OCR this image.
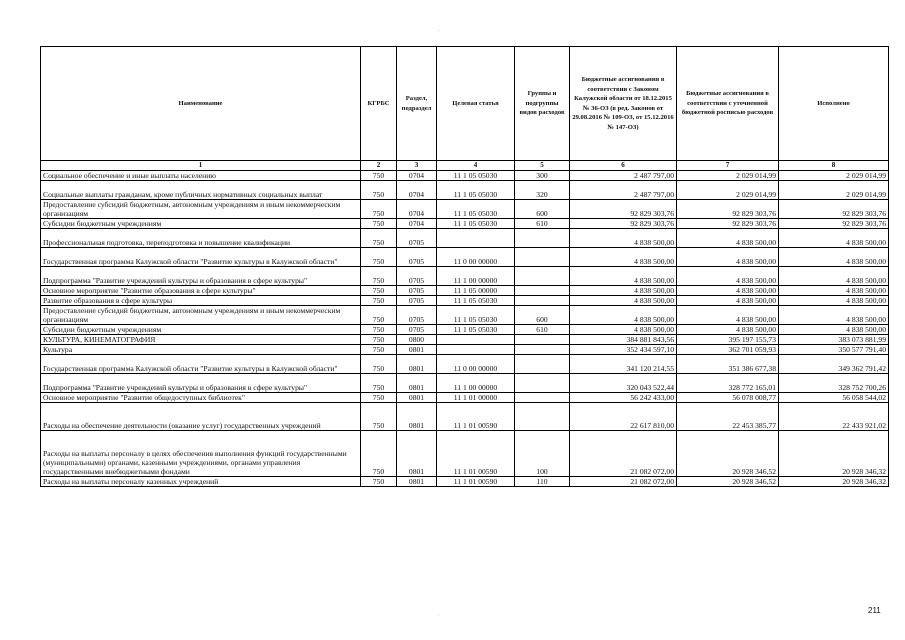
˙
ˌ
Наименование	КГРБС	Раздел, подраздел	Целевая статья	Группы и подгруппы видов расходов	Бюджетные ассигнования в соответствии с Законом Калужской области от 18.12.2015 № 36-ОЗ (в ред. Законов от 29.08.2016 № 109-ОЗ, от 15.12.2016 № 147-ОЗ)	Бюджетные ассигнования в соответствии с уточненной бюджетной росписью расходов	Исполнено
1	2	3	4	5	6	7	8
Социальное обеспечение и иные выплаты населению	750	0704	11 1 05 05030	300	2 487 797,00	2 029 014,99	2 029 014,99
Социальные выплаты гражданам, кроме публичных нормативных социальных выплат	750	0704	11 1 05 05030	320	2 487 797,00	2 029 014,99	2 029 014,99
Предоставление субсидий бюджетным, автономным учреждениям и иным некоммерческим организациям	750	0704	11 1 05 05030	600	92 829 303,76	92 829 303,76	92 829 303,76
Субсидии бюджетным учреждениям	750	0704	11 1 05 05030	610	92 829 303,76	92 829 303,76	92 829 303,76
Профессиональная подготовка, переподготовка и повышение квалификации	750	0705			4 838 500,00	4 838 500,00	4 838 500,00
Государственная программа Калужской области "Развитие культуры в Калужской области"	750	0705	11 0 00 00000		4 838 500,00	4 838 500,00	4 838 500,00
Подпрограмма "Развитие учреждений культуры и образования в сфере культуры"	750	0705	11 1 00 00000		4 838 500,00	4 838 500,00	4 838 500,00
Основное мероприятие "Развитие образования в сфере культуры"	750	0705	11 1 05 00000		4 838 500,00	4 838 500,00	4 838 500,00
Развитие образования в сфере культуры	750	0705	11 1 05 05030		4 838 500,00	4 838 500,00	4 838 500,00
Предоставление субсидий бюджетным, автономным учреждениям и иным некоммерческим организациям	750	0705	11 1 05 05030	600	4 838 500,00	4 838 500,00	4 838 500,00
Субсидии бюджетным учреждениям	750	0705	11 1 05 05030	610	4 838 500,00	4 838 500,00	4 838 500,00
КУЛЬТУРА, КИНЕМАТОГРАФИЯ	750	0800			384 881 843,56	395 197 155,73	383 073 881,99
Культура	750	0801			352 434 597,10	362 701 059,93	350 577 791,40
Государственная программа Калужской области "Развитие культуры в Калужской области"	750	0801	11 0 00 00000		341 120 214,55	351 386 677,38	349 362 791,42
Подпрограмма "Развитие учреждений культуры и образования в сфере культуры"	750	0801	11 1 00 00000		320 043 522,44	328 772 165,01	328 752 700,26
Основное мероприятие "Развитие общедоступных библиотек"	750	0801	11 1 01 00000		56 242 433,00	56 078 008,77	56 058 544,02
Расходы на обеспечение деятельности (оказание услуг) государственных учреждений	750	0801	11 1 01 00590		22 617 810,00	22 453 385,77	22 433 921,02
Расходы на выплаты персоналу в целях обеспечения выполнения функций государственными (муниципальными) органами, казенными учреждениями, органами управления государственными внебюджетными фондами	750	0801	11 1 01 00590	100	21 082 072,00	20 928 346,52	20 928 346,32
Расходы на выплаты персоналу казенных учреждений	750	0801	11 1 01 00590	110	21 082 072,00	20 928 346,52	20 928 346,32
211
